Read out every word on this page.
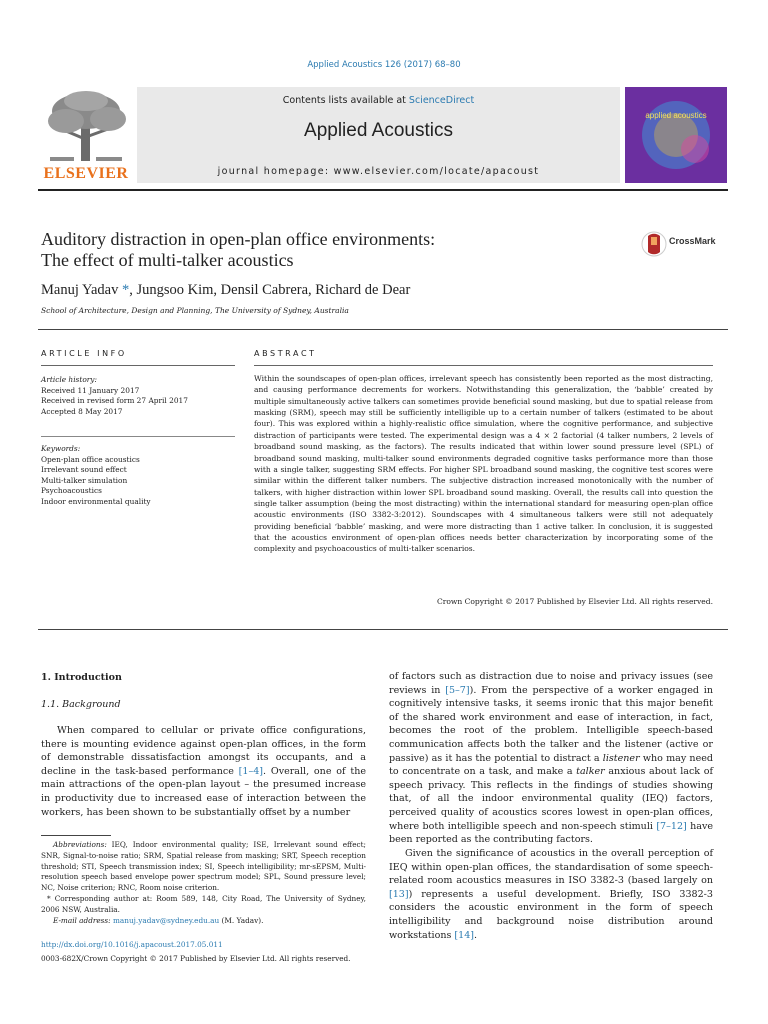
Applied Acoustics 126 (2017) 68–80
ELSEVIER
Contents lists available at ScienceDirect
Applied Acoustics
journal homepage: www.elsevier.com/locate/apacoust
applied acoustics
Auditory distraction in open-plan office environments:
The effect of multi-talker acoustics
CrossMark
Manuj Yadav *, Jungsoo Kim, Densil Cabrera, Richard de Dear
School of Architecture, Design and Planning, The University of Sydney, Australia
ARTICLE INFO	ABSTRACT
Article history:
Received 11 January 2017
Received in revised form 27 April 2017
Accepted 8 May 2017
Keywords:
Open-plan office acoustics
Irrelevant sound effect
Multi-talker simulation
Psychoacoustics
Indoor environmental quality
Within the soundscapes of open-plan offices, irrelevant speech has consistently been reported as the most distracting, and causing performance decrements for workers. Notwithstanding this generalization, the ‘babble’ created by multiple simultaneously active talkers can sometimes provide beneficial sound masking, but due to spatial release from masking (SRM), speech may still be sufficiently intelligible up to a certain number of talkers (estimated to be about four). This was explored within a highly-realistic office simulation, where the cognitive performance, and subjective distraction of participants were tested. The experimental design was a 4 × 2 factorial (4 talker numbers, 2 levels of broadband sound masking, as the factors). The results indicated that within lower sound pressure level (SPL) of broadband sound masking, multi-talker sound environments degraded cognitive tasks performance more than those with a single talker, suggesting SRM effects. For higher SPL broadband sound masking, the cognitive test scores were similar within the different talker numbers. The subjective distraction increased monotonically with the number of talkers, with higher distraction within lower SPL broadband sound masking. Overall, the results call into question the single talker assumption (being the most distracting) within the international standard for measuring open-plan office acoustic environments (ISO 3382-3:2012). Soundscapes with 4 simultaneous talkers were still not adequately providing beneficial ‘babble’ masking, and were more distracting than 1 active talker. In conclusion, it is suggested that the acoustics environment of open-plan offices needs better characterization by incorporating some of the complexity and psychoacoustics of multi-talker scenarios.
Crown Copyright © 2017 Published by Elsevier Ltd. All rights reserved.
1. Introduction
1.1. Background
When compared to cellular or private office configurations, there is mounting evidence against open-plan offices, in the form of demonstrable dissatisfaction amongst its occupants, and a decline in the task-based performance [1–4]. Overall, one of the main attractions of the open-plan layout – the presumed increase in productivity due to increased ease of interaction between the workers, has been shown to be substantially offset by a number
of factors such as distraction due to noise and privacy issues (see reviews in [5–7]). From the perspective of a worker engaged in cognitively intensive tasks, it seems ironic that this major benefit of the shared work environment and ease of interaction, in fact, becomes the root of the problem. Intelligible speech-based communication affects both the talker and the listener (active or passive) as it has the potential to distract a listener who may need to concentrate on a task, and make a talker anxious about lack of speech privacy. This reflects in the findings of studies showing that, of all the indoor environmental quality (IEQ) factors, perceived quality of acoustics scores lowest in open-plan offices, where both intelligible speech and non-speech stimuli [7–12] have been reported as the contributing factors.
Given the significance of acoustics in the overall perception of IEQ within open-plan offices, the standardisation of some speech-related room acoustics measures in ISO 3382-3 (based largely on [13]) represents a useful development. Briefly, ISO 3382-3 considers the acoustic environment in the form of speech intelligibility and background noise distribution around workstations [14].
Abbreviations: IEQ, Indoor environmental quality; ISE, Irrelevant sound effect; SNR, Signal-to-noise ratio; SRM, Spatial release from masking; SRT, Speech reception threshold; STI, Speech transmission index; SI, Speech intelligibility; mr-sEPSM, Multi-resolution speech based envelope power spectrum model; SPL, Sound pressure level; NC, Noise criterion; RNC, Room noise criterion.
* Corresponding author at: Room 589, 148, City Road, The University of Sydney, 2006 NSW, Australia.
E-mail address: manuj.yadav@sydney.edu.au (M. Yadav).
http://dx.doi.org/10.1016/j.apacoust.2017.05.011
0003-682X/Crown Copyright © 2017 Published by Elsevier Ltd. All rights reserved.
